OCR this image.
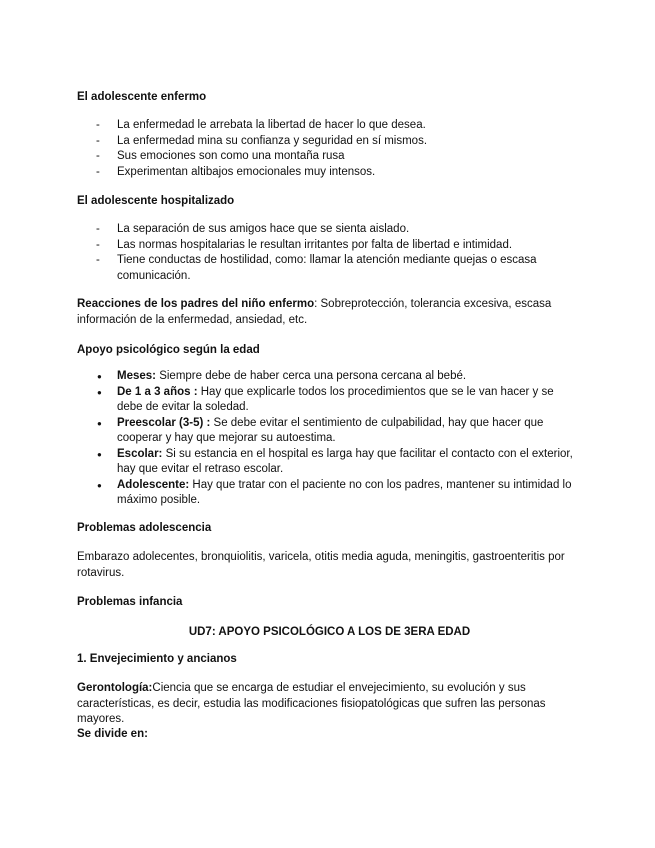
El adolescente enfermo
- La enfermedad le arrebata la libertad de hacer lo que desea.
- La enfermedad mina su confianza y seguridad en sí mismos.
- Sus emociones son como una montaña rusa
- Experimentan altibajos emocionales muy intensos.
El adolescente hospitalizado
- La separación de sus amigos hace que se sienta aislado.
- Las normas hospitalarias le resultan irritantes por falta de libertad e intimidad.
- Tiene conductas de hostilidad, como: llamar la atención mediante quejas o escasa comunicación.

Reacciones de los padres del niño enfermo: Sobreprotección, tolerancia excesiva, escasa información de la enfermedad, ansiedad, etc.

Apoyo psicológico según la edad
● Meses: Siempre debe de haber cerca una persona cercana al bebé.
● De 1 a 3 años : Hay que explicarle todos los procedimientos que se le van hacer y se debe de evitar la soledad.
● Preescolar (3-5) : Se debe evitar el sentimiento de culpabilidad, hay que hacer que cooperar y hay que mejorar su autoestima.
● Escolar: Si su estancia en el hospital es larga hay que facilitar el contacto con el exterior, hay que evitar el retraso escolar.
● Adolescente: Hay que tratar con el paciente no con los padres, mantener su intimidad lo máximo posible.
Problemas adolescencia

Embarazo adolecentes, bronquiolitis, varicela, otitis media aguda, meningitis, gastroenteritis por rotavirus.

Problemas infancia
UD7: APOYO PSICOLÓGICO A LOS DE 3ERA EDAD
1. Envejecimiento y ancianos

Gerontología:Ciencia que se encarga de estudiar el envejecimiento, su evolución y sus características, es decir, estudia las modificaciones fisiopatológicas que sufren las personas mayores.

Se divide en:
